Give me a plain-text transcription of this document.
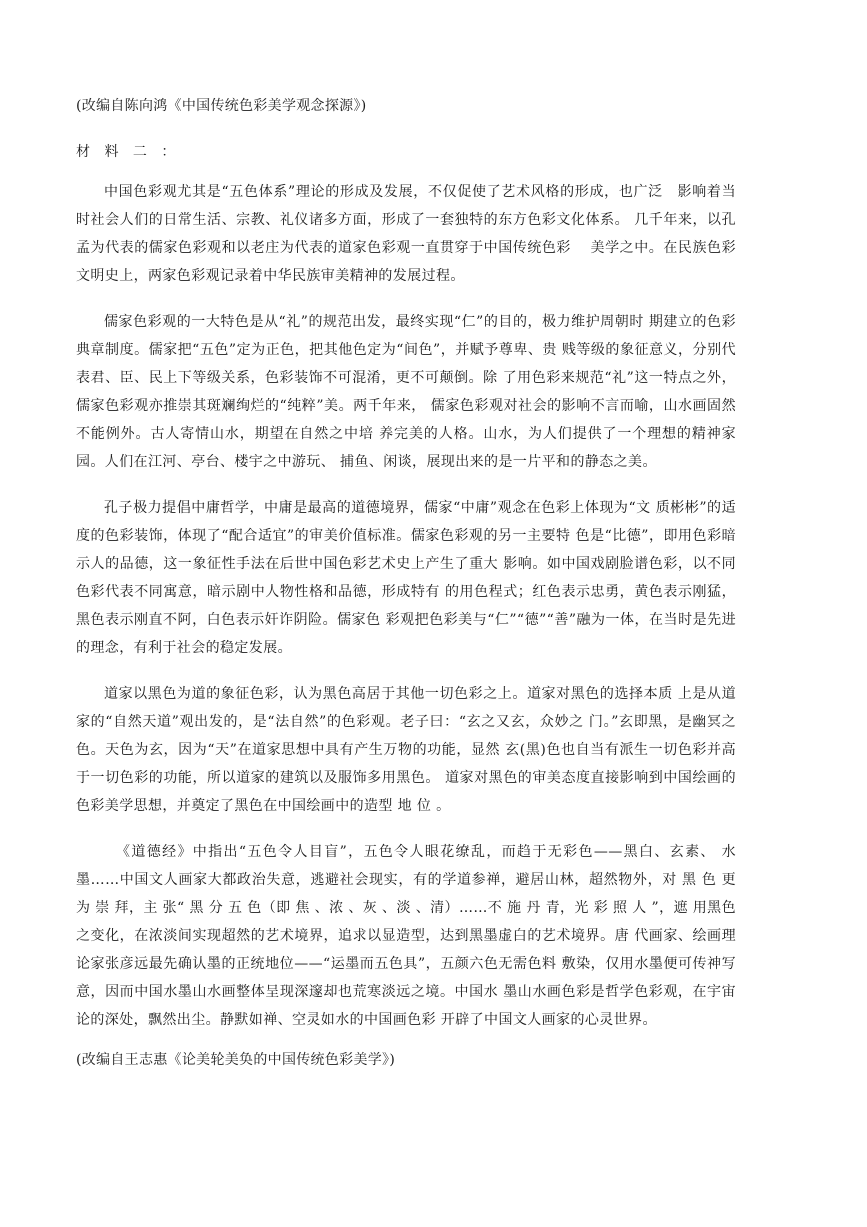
(改编自陈向鸿《中国传统色彩美学观念探源》)

材 料 二 ：

中国色彩观尤其是“五色体系”理论的形成及发展，不仅促使了艺术风格的形成，也广泛　影响着当时社会人们的日常生活、宗教、礼仪诸多方面，形成了一套独特的东方色彩文化体系。 几千年来，以孔孟为代表的儒家色彩观和以老庄为代表的道家色彩观一直贯穿于中国传统色彩　 美学之中。在民族色彩文明史上，两家色彩观记录着中华民族审美精神的发展过程。

儒家色彩观的一大特色是从“礼”的规范出发，最终实现“仁”的目的，极力维护周朝时 期建立的色彩典章制度。儒家把“五色”定为正色，把其他色定为“间色”，并赋予尊卑、贵 贱等级的象征意义，分别代表君、臣、民上下等级关系，色彩装饰不可混淆，更不可颠倒。除 了用色彩来规范“礼”这一特点之外，儒家色彩观亦推崇其斑斓绚烂的“纯粹”美。两千年来， 儒家色彩观对社会的影响不言而喻，山水画固然不能例外。古人寄情山水，期望在自然之中培 养完美的人格。山水，为人们提供了一个理想的精神家园。人们在江河、亭台、楼宇之中游玩、 捕鱼、闲谈，展现出来的是一片平和的静态之美。

孔子极力提倡中庸哲学，中庸是最高的道德境界，儒家“中庸”观念在色彩上体现为“文 质彬彬”的适度的色彩装饰，体现了“配合适宜”的审美价值标准。儒家色彩观的另一主要特 色是“比德”，即用色彩暗示人的品德，这一象征性手法在后世中国色彩艺术史上产生了重大 影响。如中国戏剧脸谱色彩，以不同色彩代表不同寓意，暗示剧中人物性格和品德，形成特有 的用色程式；红色表示忠勇，黄色表示刚猛，黑色表示刚直不阿，白色表示奸诈阴险。儒家色 彩观把色彩美与“仁”“德”“善”融为一体，在当时是先进的理念，有利于社会的稳定发展。

道家以黑色为道的象征色彩，认为黑色高居于其他一切色彩之上。道家对黑色的选择本质 上是从道家的“自然天道”观出发的，是“法自然”的色彩观。老子曰：“玄之又玄，众妙之 门。”玄即黑，是幽冥之色。天色为玄，因为“天”在道家思想中具有产生万物的功能，显然 玄(黑)色也自当有派生一切色彩并高于一切色彩的功能，所以道家的建筑以及服饰多用黑色。 道家对黑色的审美态度直接影响到中国绘画的色彩美学思想，并奠定了黑色在中国绘画中的造型 地 位 。

《道德经》中指出“五色令人目盲”，五色令人眼花缭乱，而趋于无彩色——黑白、玄素、 水墨……中国文人画家大都政治失意，逃避社会现实，有的学道参禅，避居山林，超然物外，对 黑 色 更 为 崇 拜，主 张“ 黑 分 五 色（即 焦 、浓 、灰 、淡 、清）……不 施 丹 青，光 彩 照 人 ”，遮 用黑色之变化，在浓淡间实现超然的艺术境界，追求以显造型，达到黑墨虚白的艺术境界。唐 代画家、绘画理论家张彦远最先确认墨的正统地位——“运墨而五色具”，五颜六色无需色料 敷染，仅用水墨便可传神写意，因而中国水墨山水画整体呈现深邃却也荒寒淡远之境。中国水 墨山水画色彩是哲学色彩观，在宇宙论的深处，飘然出尘。静默如禅、空灵如水的中国画色彩 开辟了中国文人画家的心灵世界。

(改编自王志惠《论美轮美奂的中国传统色彩美学》)
